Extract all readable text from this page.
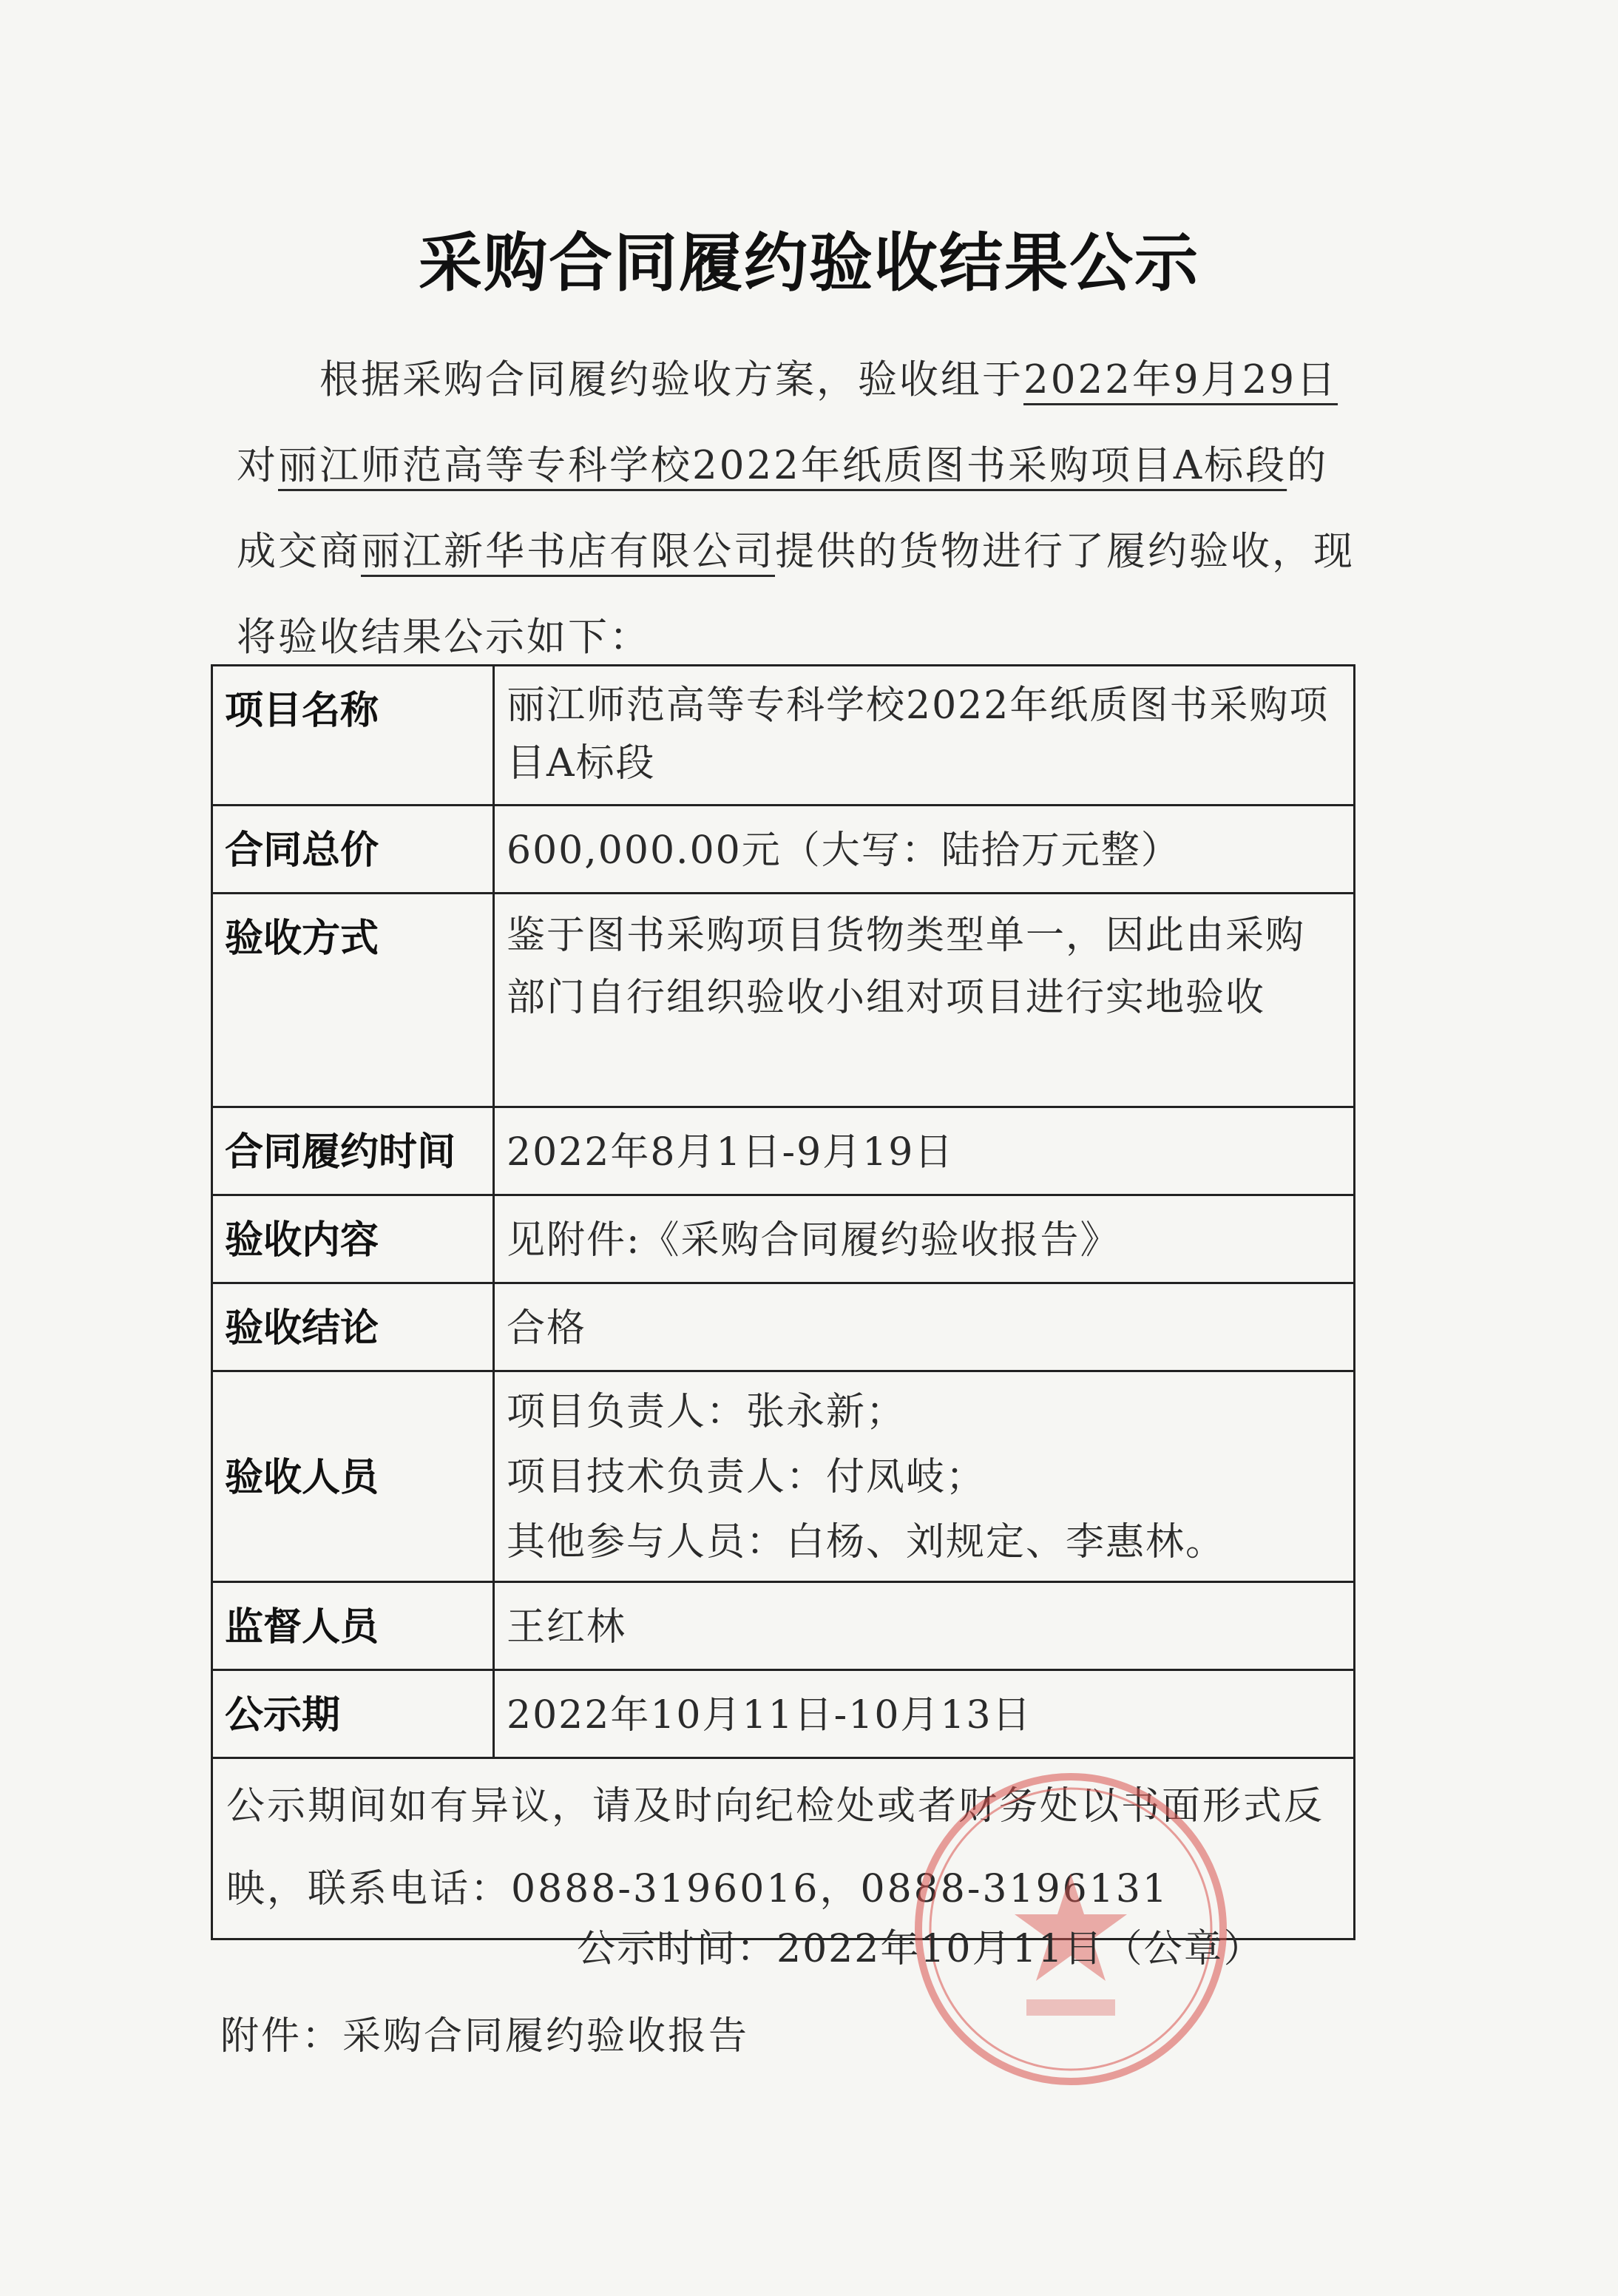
采购合同履约验收结果公示
根据采购合同履约验收方案，验收组于2022年9月29日对丽江师范高等专科学校2022年纸质图书采购项目A标段的成交商丽江新华书店有限公司提供的货物进行了履约验收，现将验收结果公示如下：
项目名称	丽江师范高等专科学校2022年纸质图书采购项目A标段

合同总价	600,000.00元（大写：陆拾万元整）

验收方式	鉴于图书采购项目货物类型单一，因此由采购部门自行组织验收小组对项目进行实地验收

合同履约时间	2022年8月1日-9月19日

验收内容	见附件:《采购合同履约验收报告》

验收结论	合格

验收人员	项目负责人：张永新；
项目技术负责人：付凤岐；
其他参与人员：白杨、刘规定、李惠林。

监督人员	王红林

公示期	2022年10月11日-10月13日

公示期间如有异议，请及时向纪检处或者财务处以书面形式反映，联系电话：0888-3196016，0888-3196131	
公示时间：2022年10月11日（公章）
附件：采购合同履约验收报告
